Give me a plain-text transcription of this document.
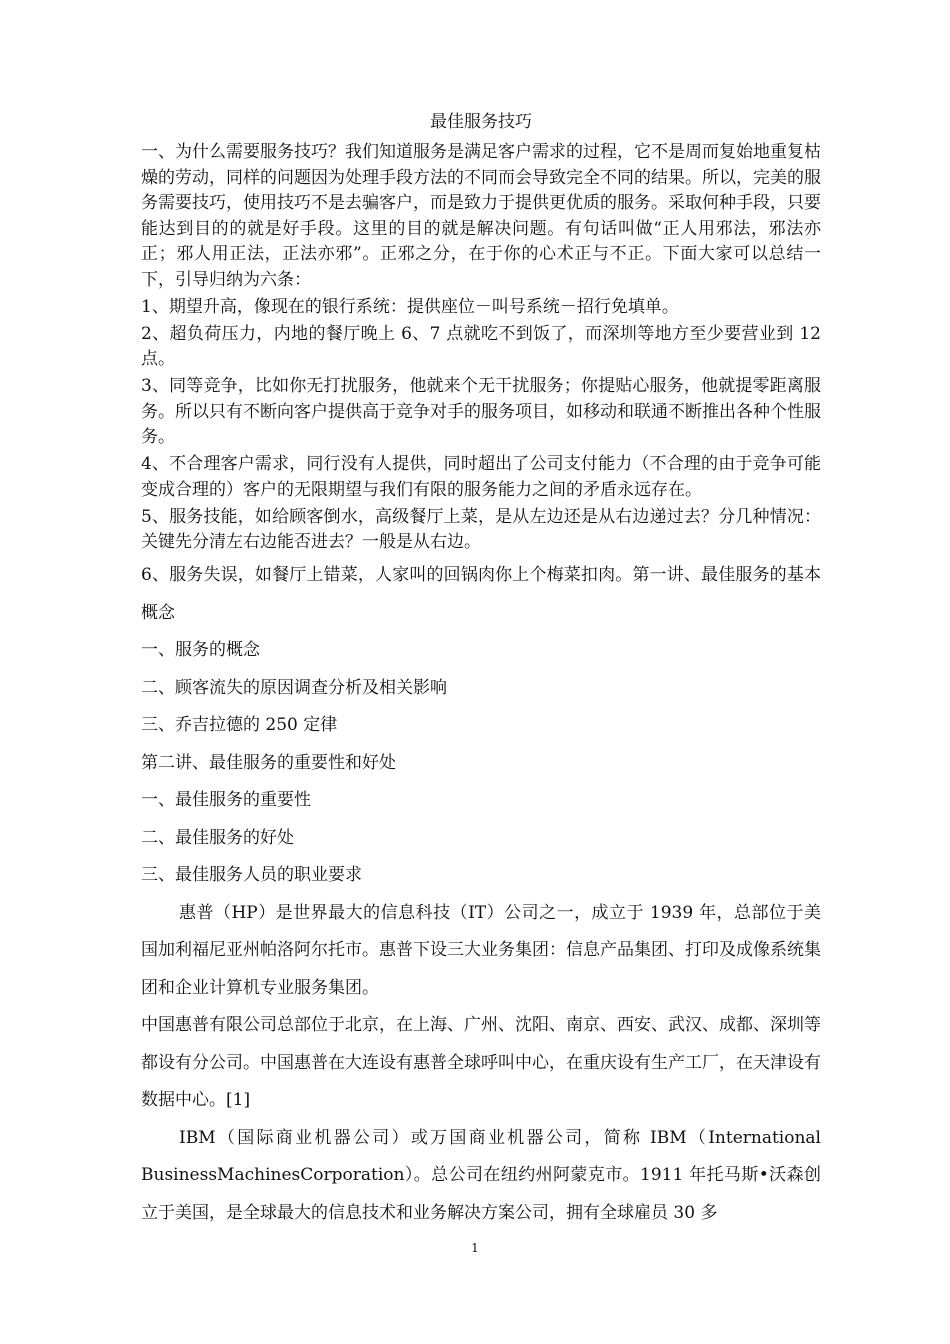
最佳服务技巧

一、为什么需要服务技巧？我们知道服务是满足客户需求的过程，它不是周而复始地重复枯燥的劳动，同样的问题因为处理手段方法的不同而会导致完全不同的结果。所以，完美的服务需要技巧，使用技巧不是去骗客户，而是致力于提供更优质的服务。采取何种手段，只要能达到目的的就是好手段。这里的目的就是解决问题。有句话叫做“正人用邪法，邪法亦正；邪人用正法，正法亦邪”。正邪之分，在于你的心术正与不正。下面大家可以总结一下，引导归纳为六条：

1、期望升高，像现在的银行系统：提供座位－叫号系统－招行免填单。

2、超负荷压力，内地的餐厅晚上 6、7 点就吃不到饭了，而深圳等地方至少要营业到 12 点。

3、同等竞争，比如你无打扰服务，他就来个无干扰服务；你提贴心服务，他就提零距离服务。所以只有不断向客户提供高于竞争对手的服务项目，如移动和联通不断推出各种个性服务。

4、不合理客户需求，同行没有人提供，同时超出了公司支付能力（不合理的由于竞争可能变成合理的）客户的无限期望与我们有限的服务能力之间的矛盾永远存在。

5、服务技能，如给顾客倒水，高级餐厅上菜，是从左边还是从右边递过去？分几种情况：关键先分清左右边能否进去？一般是从右边。

6、服务失误，如餐厅上错菜，人家叫的回锅肉你上个梅菜扣肉。第一讲、最佳服务的基本概念

一、服务的概念

二、顾客流失的原因调查分析及相关影响

三、乔吉拉德的 250 定律

第二讲、最佳服务的重要性和好处

一、最佳服务的重要性

二、最佳服务的好处

三、最佳服务人员的职业要求

惠普（HP）是世界最大的信息科技（IT）公司之一，成立于 1939 年，总部位于美国加利福尼亚州帕洛阿尔托市。惠普下设三大业务集团：信息产品集团、打印及成像系统集团和企业计算机专业服务集团。

中国惠普有限公司总部位于北京，在上海、广州、沈阳、南京、西安、武汉、成都、深圳等都设有分公司。中国惠普在大连设有惠普全球呼叫中心，在重庆设有生产工厂，在天津设有数据中心。[1]

IBM（国际商业机器公司）或万国商业机器公司，简称 IBM（International BusinessMachinesCorporation）。总公司在纽约州阿蒙克市。1911 年托马斯•沃森创立于美国，是全球最大的信息技术和业务解决方案公司，拥有全球雇员 30 多

1
